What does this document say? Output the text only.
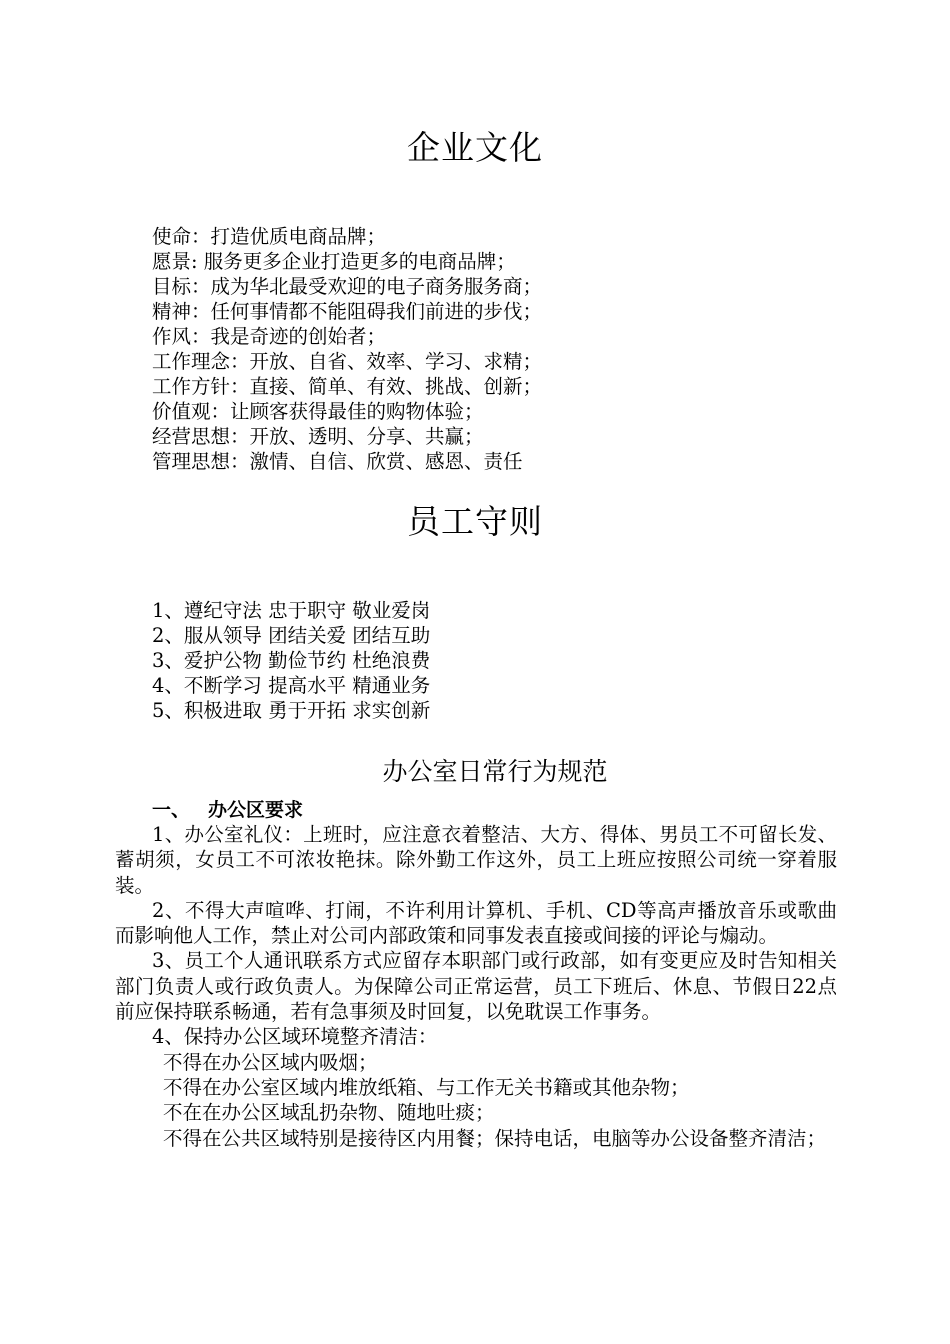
企业文化
使命：打造优质电商品牌；
愿景: 服务更多企业打造更多的电商品牌；
目标：成为华北最受欢迎的电子商务服务商；
精神：任何事情都不能阻碍我们前进的步伐；
作风：我是奇迹的创始者；
工作理念：开放、自省、效率、学习、求精；
工作方针：直接、简单、有效、挑战、创新；
价值观：让顾客获得最佳的购物体验；
经营思想：开放、透明、分享、共赢；
管理思想：激情、自信、欣赏、感恩、责任
员工守则
1、遵纪守法 忠于职守 敬业爱岗
2、服从领导 团结关爱 团结互助
3、爱护公物 勤俭节约 杜绝浪费
4、不断学习 提高水平 精通业务
5、积极进取 勇于开拓 求实创新
办公室日常行为规范
一、 办公区要求

1、办公室礼仪：上班时，应注意衣着整洁、大方、得体、男员工不可留长发、蓄胡须，女员工不可浓妆艳抹。除外勤工作这外，员工上班应按照公司统一穿着服装。

2、不得大声喧哗、打闹，不许利用计算机、手机、CD等高声播放音乐或歌曲而影响他人工作，禁止对公司内部政策和同事发表直接或间接的评论与煽动。

3、员工个人通讯联系方式应留存本职部门或行政部，如有变更应及时告知相关部门负责人或行政负责人。为保障公司正常运营，员工下班后、休息、节假日22点前应保持联系畅通，若有急事须及时回复，以免耽误工作事务。

4、保持办公区域环境整齐清洁：

不得在办公区域内吸烟；

不得在办公室区域内堆放纸箱、与工作无关书籍或其他杂物；

不在在办公区域乱扔杂物、随地吐痰；

不得在公共区域特别是接待区内用餐；保持电话，电脑等办公设备整齐清洁；
